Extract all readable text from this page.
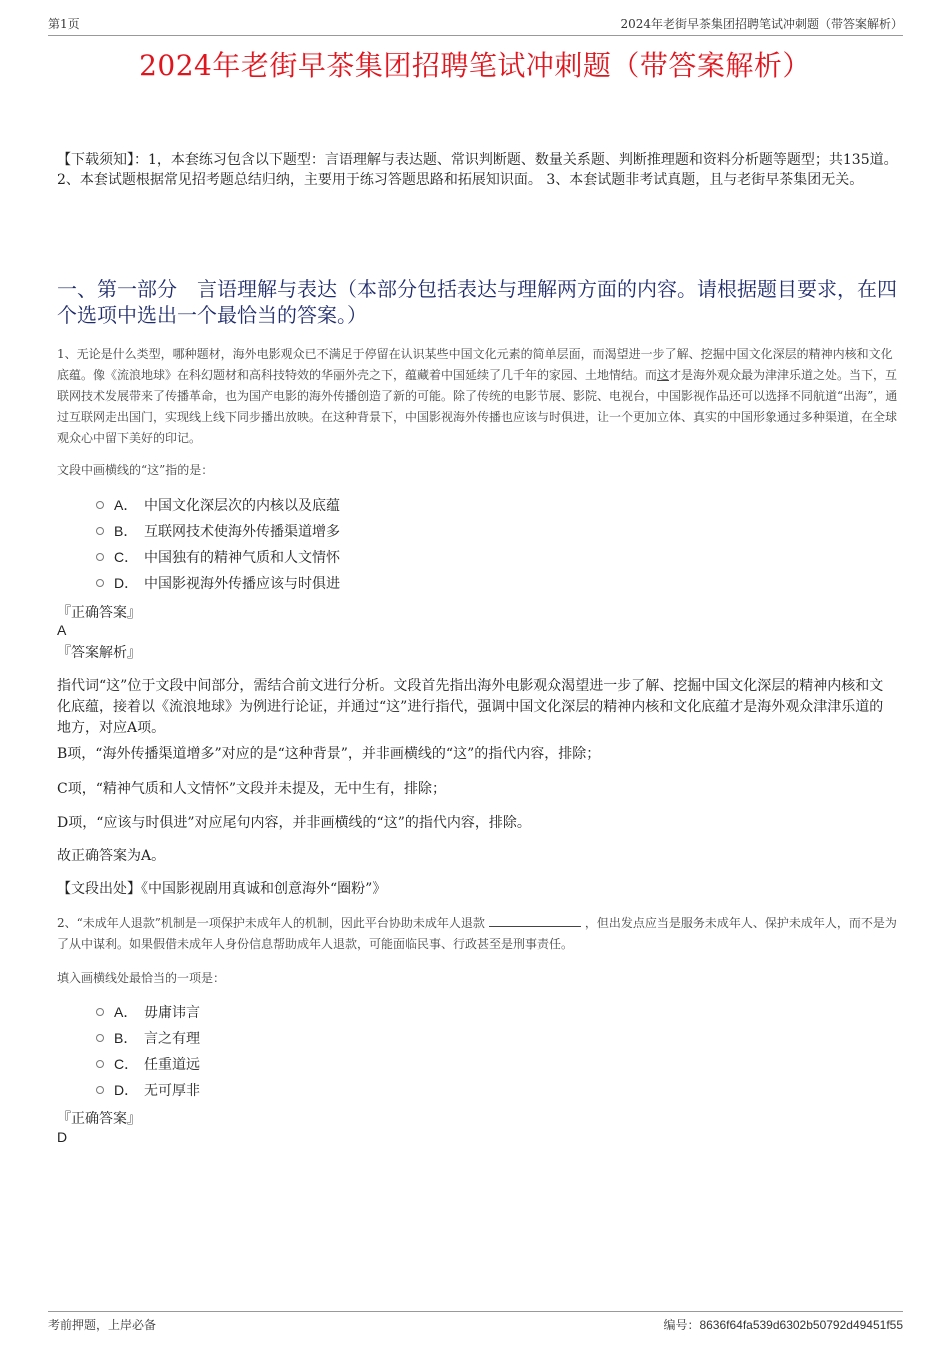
第1页	2024年老街早茶集团招聘笔试冲刺题（带答案解析）
2024年老街早茶集团招聘笔试冲刺题（带答案解析）
【下载须知】：1，本套练习包含以下题型：言语理解与表达题、常识判断题、数量关系题、判断推理题和资料分析题等题型；共135道。 2、本套试题根据常见招考题总结归纳，主要用于练习答题思路和拓展知识面。 3、本套试题非考试真题，且与老街早茶集团无关。
一、第一部分　言语理解与表达（本部分包括表达与理解两方面的内容。请根据题目要求，在四个选项中选出一个最恰当的答案。）
1、无论是什么类型，哪种题材，海外电影观众已不满足于停留在认识某些中国文化元素的简单层面，而渴望进一步了解、挖掘中国文化深层的精神内核和文化底蕴。像《流浪地球》在科幻题材和高科技特效的华丽外壳之下，蕴藏着中国延续了几千年的家园、土地情结。而这才是海外观众最为津津乐道之处。当下，互联网技术发展带来了传播革命，也为国产电影的海外传播创造了新的可能。除了传统的电影节展、影院、电视台，中国影视作品还可以选择不同航道“出海”，通过互联网走出国门，实现线上线下同步播出放映。在这种背景下，中国影视海外传播也应该与时俱进，让一个更加立体、真实的中国形象通过多种渠道，在全球观众心中留下美好的印记。
文段中画横线的“这”指的是：
A． 中国文化深层次的内核以及底蕴
B． 互联网技术使海外传播渠道增多
C． 中国独有的精神气质和人文情怀
D． 中国影视海外传播应该与时俱进
『正确答案』
A
『答案解析』
指代词“这”位于文段中间部分，需结合前文进行分析。文段首先指出海外电影观众渴望进一步了解、挖掘中国文化深层的精神内核和文化底蕴，接着以《流浪地球》为例进行论证，并通过“这”进行指代，强调中国文化深层的精神内核和文化底蕴才是海外观众津津乐道的地方，对应A项。
B项，“海外传播渠道增多”对应的是“这种背景”，并非画横线的“这”的指代内容，排除；
C项，“精神气质和人文情怀”文段并未提及，无中生有，排除；
D项，“应该与时俱进”对应尾句内容，并非画横线的“这”的指代内容，排除。
故正确答案为A。
【文段出处】《中国影视剧用真诚和创意海外“圈粉”》
2、“未成年人退款”机制是一项保护未成年人的机制，因此平台协助未成年人退款	，但出发点应当是服务未成年人、保护未成年人，而不是为了从中谋利。如果假借未成年人身份信息帮助成年人退款，可能面临民事、行政甚至是刑事责任。
填入画横线处最恰当的一项是：
A． 毋庸讳言
B． 言之有理
C． 任重道远
D． 无可厚非
『正确答案』
D
考前押题，上岸必备	编号：8636f64fa539d6302b50792d49451f55
